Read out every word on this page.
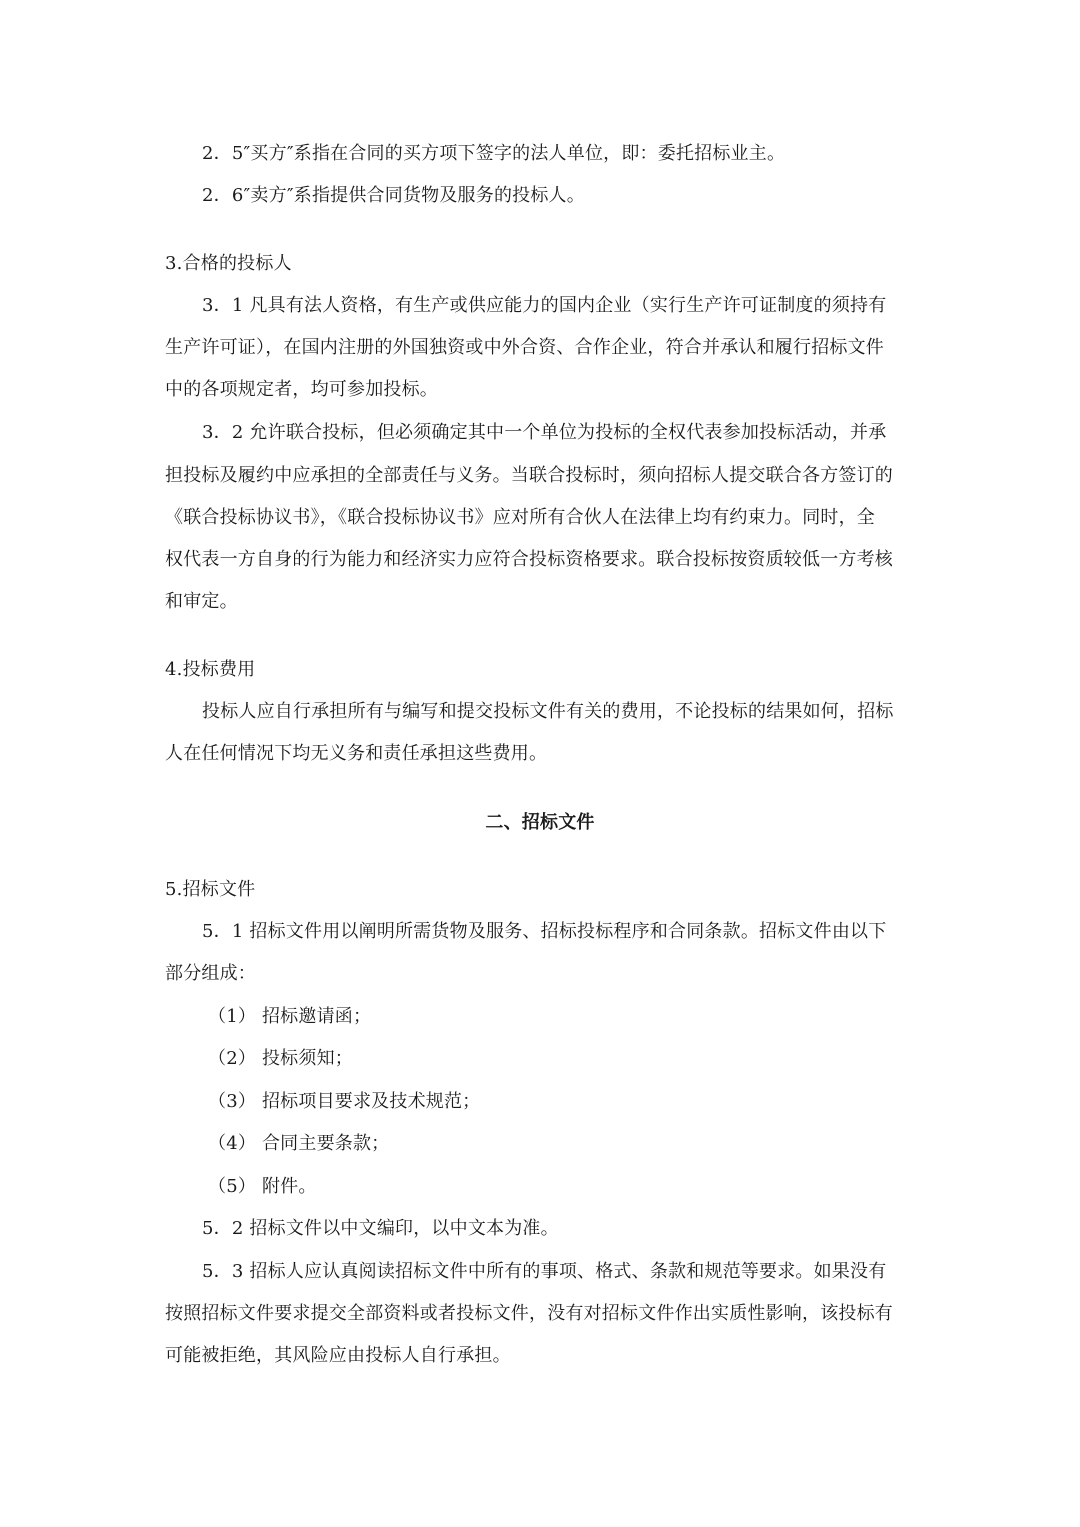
2．5″买方″系指在合同的买方项下签字的法人单位，即：委托招标业主。
2．6″卖方″系指提供合同货物及服务的投标人。
3.合格的投标人
3．1 凡具有法人资格，有生产或供应能力的国内企业（实行生产许可证制度的须持有
生产许可证），在国内注册的外国独资或中外合资、合作企业，符合并承认和履行招标文件
中的各项规定者，均可参加投标。
3．2 允许联合投标，但必须确定其中一个单位为投标的全权代表参加投标活动，并承
担投标及履约中应承担的全部责任与义务。当联合投标时，须向招标人提交联合各方签订的
《联合投标协议书》，《联合投标协议书》应对所有合伙人在法律上均有约束力。同时，全
权代表一方自身的行为能力和经济实力应符合投标资格要求。联合投标按资质较低一方考核
和审定。
4.投标费用
投标人应自行承担所有与编写和提交投标文件有关的费用，不论投标的结果如何，招标
人在任何情况下均无义务和责任承担这些费用。
二、招标文件
5.招标文件
5．1 招标文件用以阐明所需货物及服务、招标投标程序和合同条款。招标文件由以下
部分组成：
（1） 招标邀请函；
（2） 投标须知；
（3） 招标项目要求及技术规范；
（4） 合同主要条款；
（5） 附件。
5．2 招标文件以中文编印，以中文本为准。
5．3 招标人应认真阅读招标文件中所有的事项、格式、条款和规范等要求。如果没有
按照招标文件要求提交全部资料或者投标文件，没有对招标文件作出实质性影响，该投标有
可能被拒绝，其风险应由投标人自行承担。
